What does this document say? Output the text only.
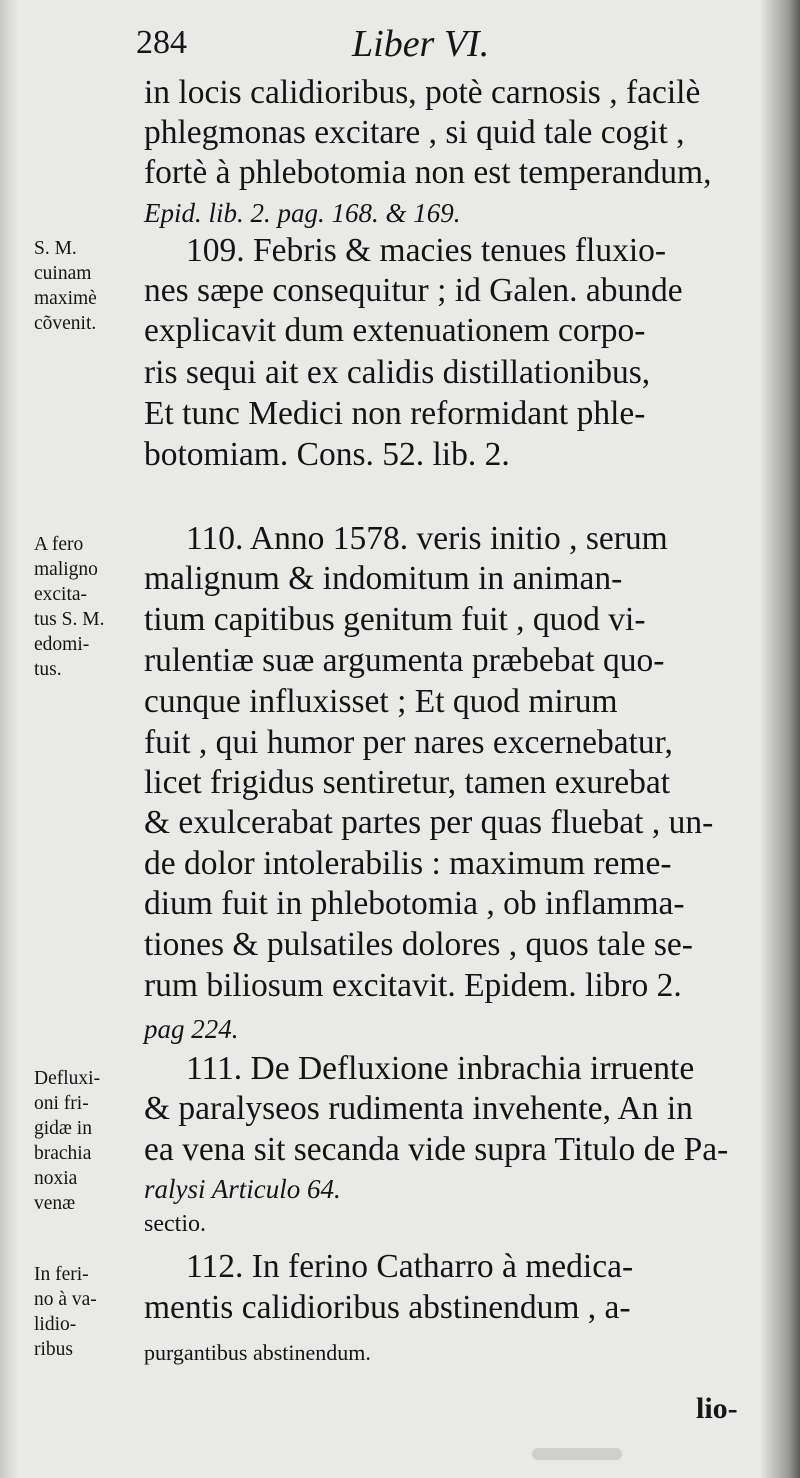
284	Liber VI.
in locis calidioribus, potè carnosis , facilè
phlegmonas excitare , si quid tale cogit ,
fortè à phlebotomia non est temperandum,
Epid. lib. 2. pag. 168. & 169.
109. Febris & macies tenues fluxio-
nes sæpe consequitur ; id Galen. abunde
explicavit dum extenuationem corpo-
ris sequi ait ex calidis distillationibus,
Et tunc Medici non reformidant phle-
botomiam. Cons. 52. lib. 2.
110. Anno 1578. veris initio , serum
malignum & indomitum in animan-
tium capitibus genitum fuit , quod vi-
rulentiæ suæ argumenta præbebat quo-
cunque influxisset ; Et quod mirum
fuit , qui humor per nares excernebatur,
licet frigidus sentiretur, tamen exurebat
& exulcerabat partes per quas fluebat , un-
de dolor intolerabilis : maximum reme-
dium fuit in phlebotomia , ob inflamma-
tiones & pulsatiles dolores , quos tale se-
rum biliosum excitavit. Epidem. libro 2.
pag 224.
111. De Defluxione inbrachia irruente
& paralyseos rudimenta invehente, An in
ea vena sit secanda vide supra Titulo de Pa-
ralysi Articulo 64.
sectio.
112. In ferino Catharro à medica-
mentis calidioribus abstinendum , a-
purgantibus abstinendum.
S. M.
cuinam
maximè
cõvenit.
A fero
maligno
excita-
tus S. M.
edomi-
tus.
Defluxi-
oni fri-
gidæ in
brachia
noxia
venæ
In feri-
no à va-
lidio-
ribus
lio-
